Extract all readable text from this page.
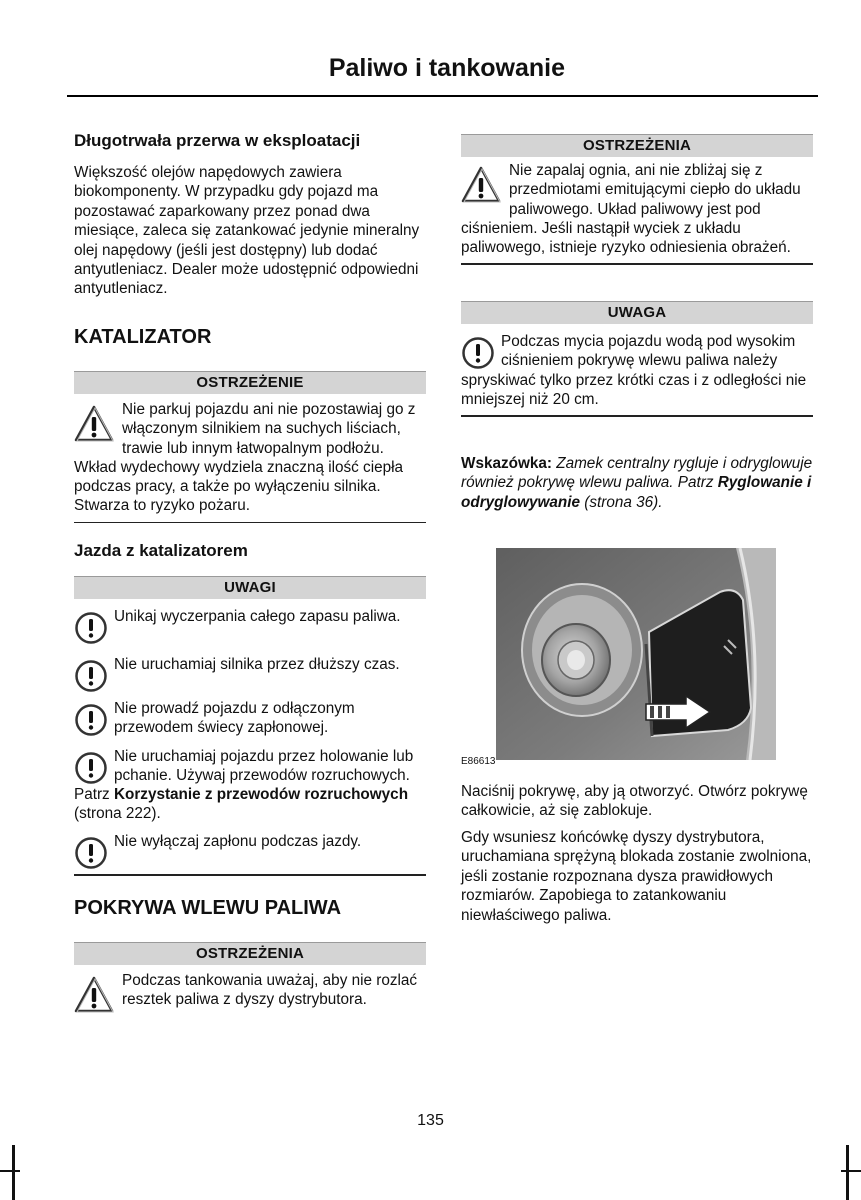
Paliwo i tankowanie
Długotrwała przerwa w eksploatacji
Większość olejów napędowych zawiera biokomponenty. W przypadku gdy pojazd ma pozostawać zaparkowany przez ponad dwa miesiące, zaleca się zatankować jedynie mineralny olej napędowy (jeśli jest dostępny) lub dodać antyutleniacz. Dealer może udostępnić odpowiedni antyutleniacz.
KATALIZATOR
OSTRZEŻENIE
Nie parkuj pojazdu ani nie pozostawiaj go z włączonym silnikiem na suchych liściach, trawie lub innym łatwopalnym podłożu. Wkład wydechowy wydziela znaczną ilość ciepła podczas pracy, a także po wyłączeniu silnika. Stwarza to ryzyko pożaru.
Jazda z katalizatorem
UWAGI
Unikaj wyczerpania całego zapasu paliwa.
Nie uruchamiaj silnika przez dłuższy czas.
Nie prowadź pojazdu z odłączonym przewodem świecy zapłonowej.
Nie uruchamiaj pojazdu przez holowanie lub pchanie. Używaj przewodów rozruchowych. Patrz Korzystanie z przewodów rozruchowych (strona 222).
Nie wyłączaj zapłonu podczas jazdy.
POKRYWA WLEWU PALIWA
OSTRZEŻENIA
Podczas tankowania uważaj, aby nie rozlać resztek paliwa z dyszy dystrybutora.
OSTRZEŻENIA
Nie zapalaj ognia, ani nie zbliżaj się z przedmiotami emitującymi ciepło do układu paliwowego. Układ paliwowy jest pod ciśnieniem. Jeśli nastąpił wyciek z układu paliwowego, istnieje ryzyko odniesienia obrażeń.
UWAGA
Podczas mycia pojazdu wodą pod wysokim ciśnieniem pokrywę wlewu paliwa należy spryskiwać tylko przez krótki czas i z odległości nie mniejszej niż 20 cm.
Wskazówka: Zamek centralny rygluje i odryglowuje również pokrywę wlewu paliwa. Patrz Ryglowanie i odryglowywanie (strona 36).
E86613
Naciśnij pokrywę, aby ją otworzyć. Otwórz pokrywę całkowicie, aż się zablokuje.
Gdy wsuniesz końcówkę dyszy dystrybutora, uruchamiana sprężyną blokada zostanie zwolniona, jeśli zostanie rozpoznana dysza prawidłowych rozmiarów. Zapobiega to zatankowaniu niewłaściwego paliwa.
135
